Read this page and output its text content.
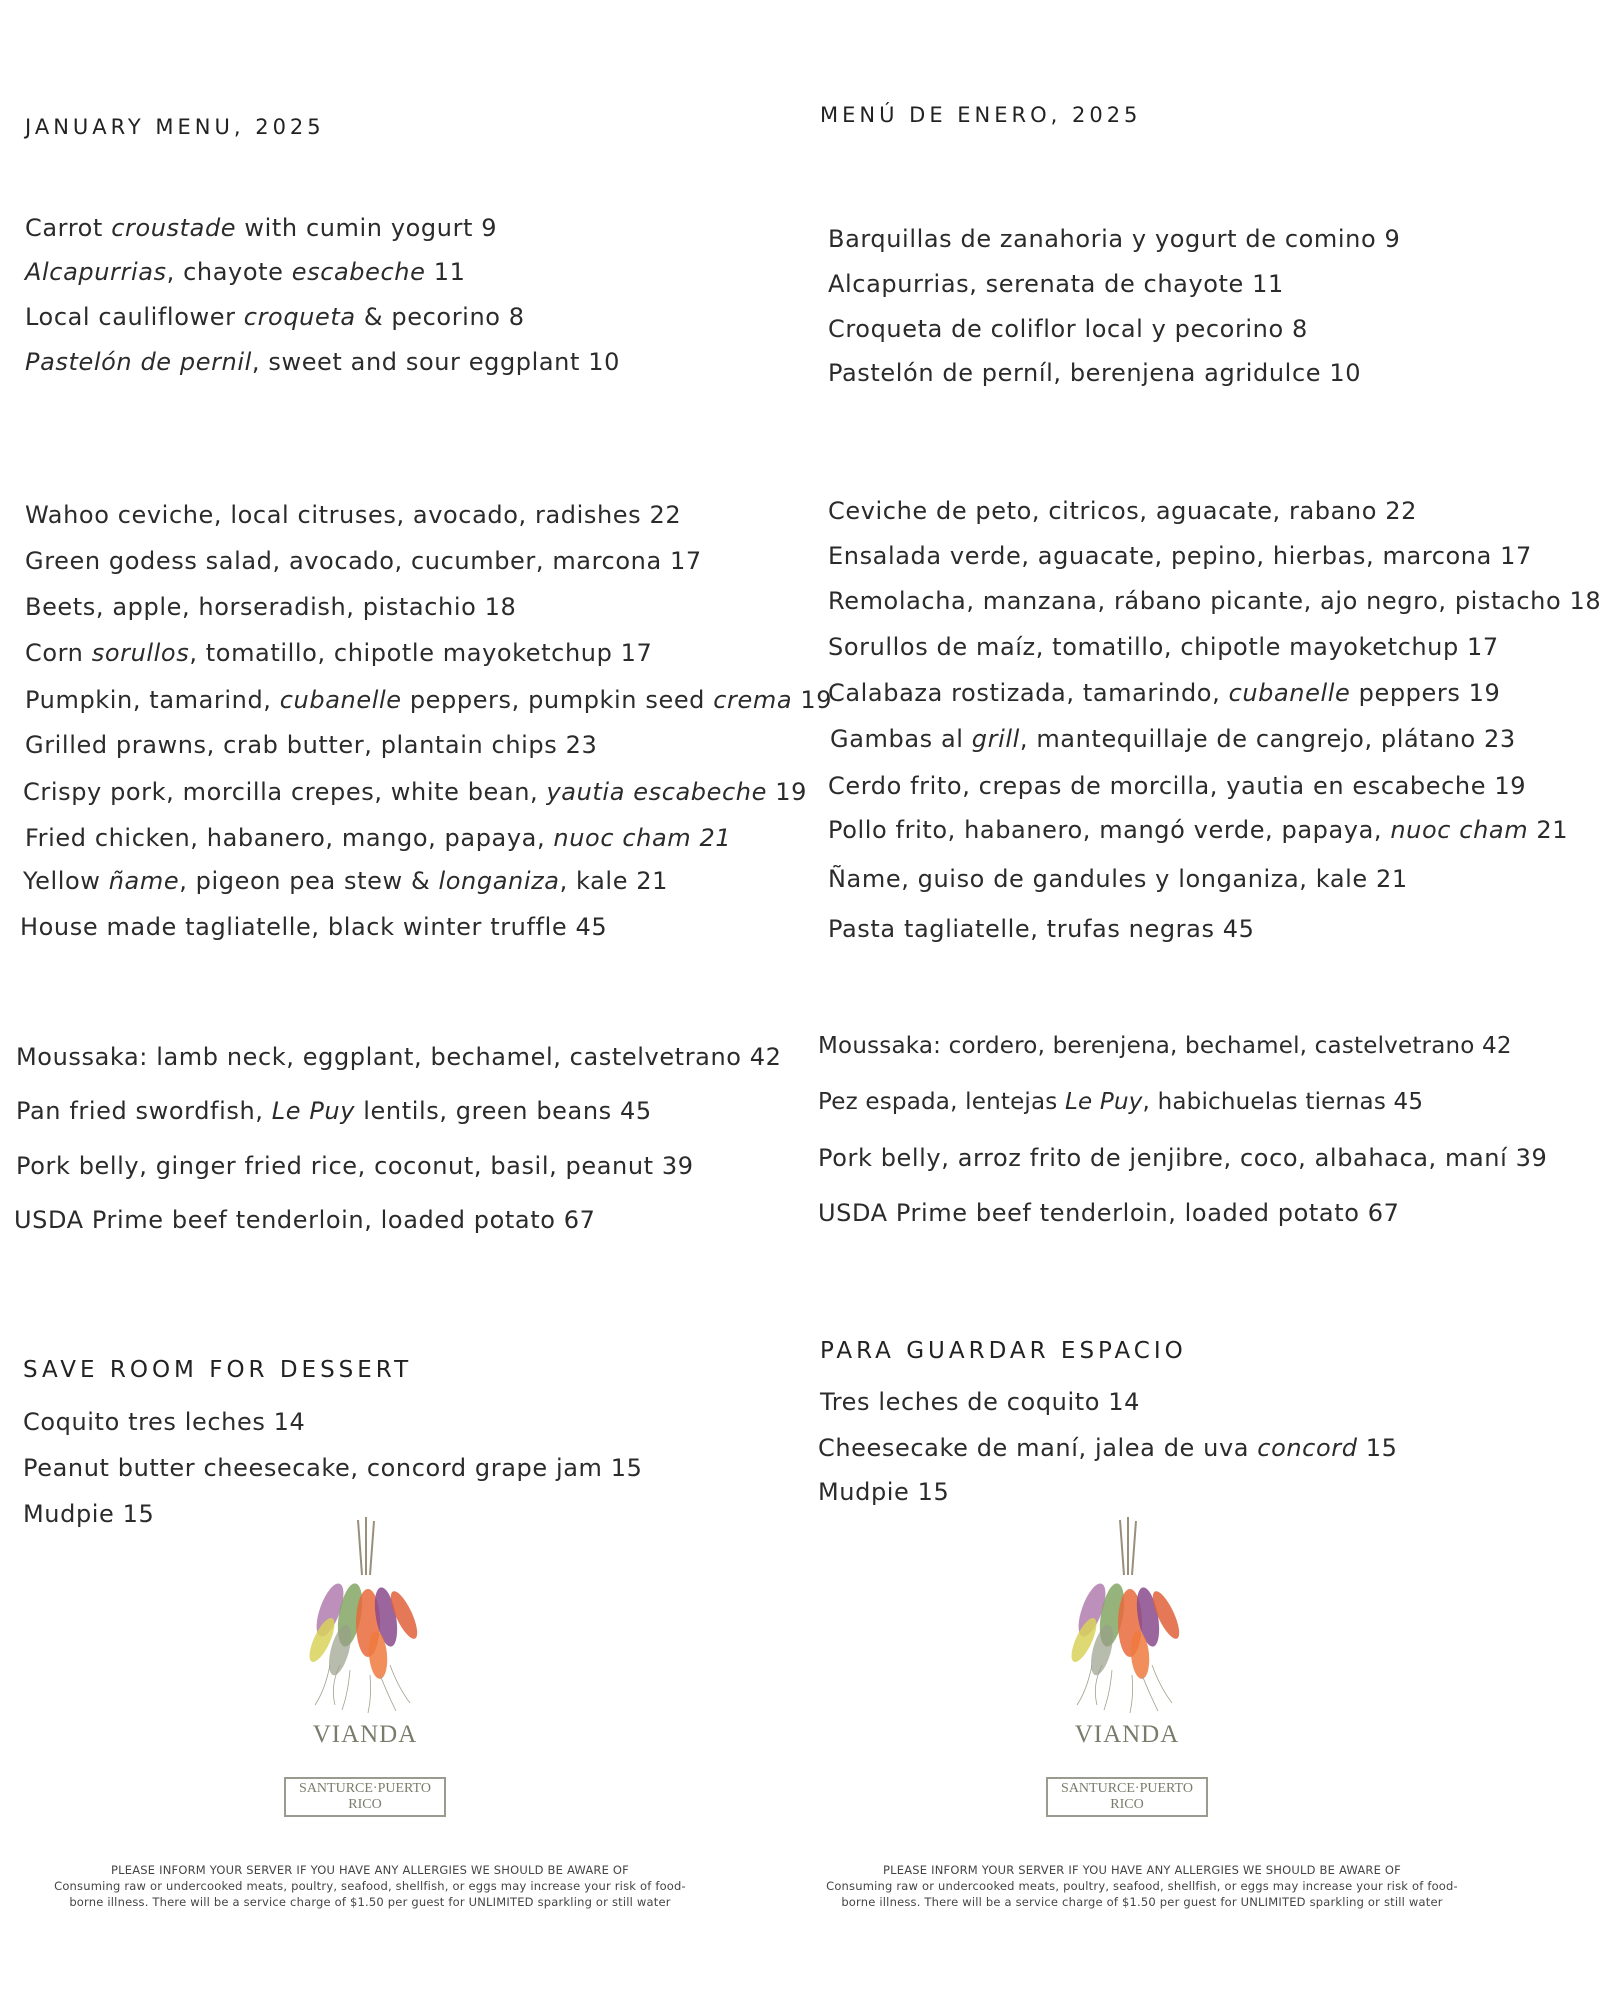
JANUARY MENU, 2025
Carrot croustade with cumin yogurt 9
Alcapurrias, chayote escabeche 11
Local cauliflower croqueta & pecorino 8
Pastelón de pernil, sweet and sour eggplant 10
Wahoo ceviche, local citruses, avocado, radishes 22
Green godess salad, avocado, cucumber, marcona 17
Beets, apple, horseradish, pistachio 18
Corn sorullos, tomatillo, chipotle mayoketchup 17
Pumpkin, tamarind, cubanelle peppers, pumpkin seed crema 19
Grilled prawns, crab butter, plantain chips 23
Crispy pork, morcilla crepes, white bean, yautia escabeche 19
Fried chicken, habanero, mango, papaya, nuoc cham 21
Yellow ñame, pigeon pea stew & longaniza, kale 21
House made tagliatelle, black winter truffle 45
Moussaka: lamb neck, eggplant, bechamel, castelvetrano 42
Pan fried swordfish, Le Puy lentils, green beans 45
Pork belly, ginger fried rice, coconut, basil, peanut 39
USDA Prime beef tenderloin, loaded potato 67
SAVE ROOM FOR DESSERT
Coquito tres leches 14
Peanut butter cheesecake, concord grape jam 15
Mudpie 15
VIANDA
SANTURCE·PUERTO RICO
PLEASE INFORM YOUR SERVER IF YOU HAVE ANY ALLERGIES WE SHOULD BE AWARE OF
Consuming raw or undercooked meats, poultry, seafood, shellfish, or eggs may increase your risk of food-
borne illness. There will be a service charge of $1.50 per guest for UNLIMITED sparkling or still water
MENÚ DE ENERO, 2025
Barquillas de zanahoria y yogurt de comino 9
Alcapurrias, serenata de chayote 11
Croqueta de coliflor local y pecorino 8
Pastelón de perníl, berenjena agridulce 10
Ceviche de peto, citricos, aguacate, rabano 22
Ensalada verde, aguacate, pepino, hierbas, marcona 17
Remolacha, manzana, rábano picante, ajo negro, pistacho 18
Sorullos de maíz, tomatillo, chipotle mayoketchup 17
Calabaza rostizada, tamarindo, cubanelle peppers 19
Gambas al grill, mantequillaje de cangrejo, plátano 23
Cerdo frito, crepas de morcilla, yautia en escabeche 19
Pollo frito, habanero, mangó verde, papaya, nuoc cham 21
Ñame, guiso de gandules y longaniza, kale 21
Pasta tagliatelle, trufas negras 45
Moussaka: cordero, berenjena, bechamel, castelvetrano 42
Pez espada, lentejas Le Puy, habichuelas tiernas 45
Pork belly, arroz frito de jenjibre, coco, albahaca, maní 39
USDA Prime beef tenderloin, loaded potato 67
PARA GUARDAR ESPACIO
Tres leches de coquito 14
Cheesecake de maní, jalea de uva concord 15
Mudpie 15
VIANDA
SANTURCE·PUERTO RICO
PLEASE INFORM YOUR SERVER IF YOU HAVE ANY ALLERGIES WE SHOULD BE AWARE OF
Consuming raw or undercooked meats, poultry, seafood, shellfish, or eggs may increase your risk of food-
borne illness. There will be a service charge of $1.50 per guest for UNLIMITED sparkling or still water
